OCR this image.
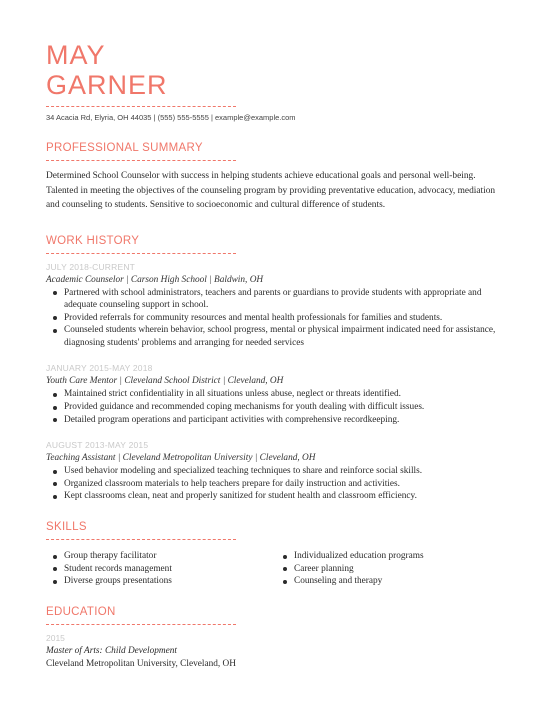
MAY
GARNER
34 Acacia Rd, Elyria, OH 44035 | (555) 555-5555 | example@example.com
PROFESSIONAL SUMMARY
Determined School Counselor with success in helping students achieve educational goals and personal well-being. Talented in meeting the objectives of the counseling program by providing preventative education, advocacy, mediation and counseling to students. Sensitive to socioeconomic and cultural difference of students.
WORK HISTORY
JULY 2018-CURRENT
Academic Counselor | Carson High School | Baldwin, OH
Partnered with school administrators, teachers and parents or guardians to provide students with appropriate and adequate counseling support in school.
Provided referrals for community resources and mental health professionals for families and students.
Counseled students wherein behavior, school progress, mental or physical impairment indicated need for assistance, diagnosing students' problems and arranging for needed services
JANUARY 2015-MAY 2018
Youth Care Mentor | Cleveland School District | Cleveland, OH
Maintained strict confidentiality in all situations unless abuse, neglect or threats identified.
Provided guidance and recommended coping mechanisms for youth dealing with difficult issues.
Detailed program operations and participant activities with comprehensive recordkeeping.
AUGUST 2013-MAY 2015
Teaching Assistant | Cleveland Metropolitan University | Cleveland, OH
Used behavior modeling and specialized teaching techniques to share and reinforce social skills.
Organized classroom materials to help teachers prepare for daily instruction and activities.
Kept classrooms clean, neat and properly sanitized for student health and classroom efficiency.
SKILLS
Group therapy facilitator
Student records management
Diverse groups presentations
Individualized education programs
Career planning
Counseling and therapy
EDUCATION
2015
Master of Arts: Child Development
Cleveland Metropolitan University, Cleveland, OH
